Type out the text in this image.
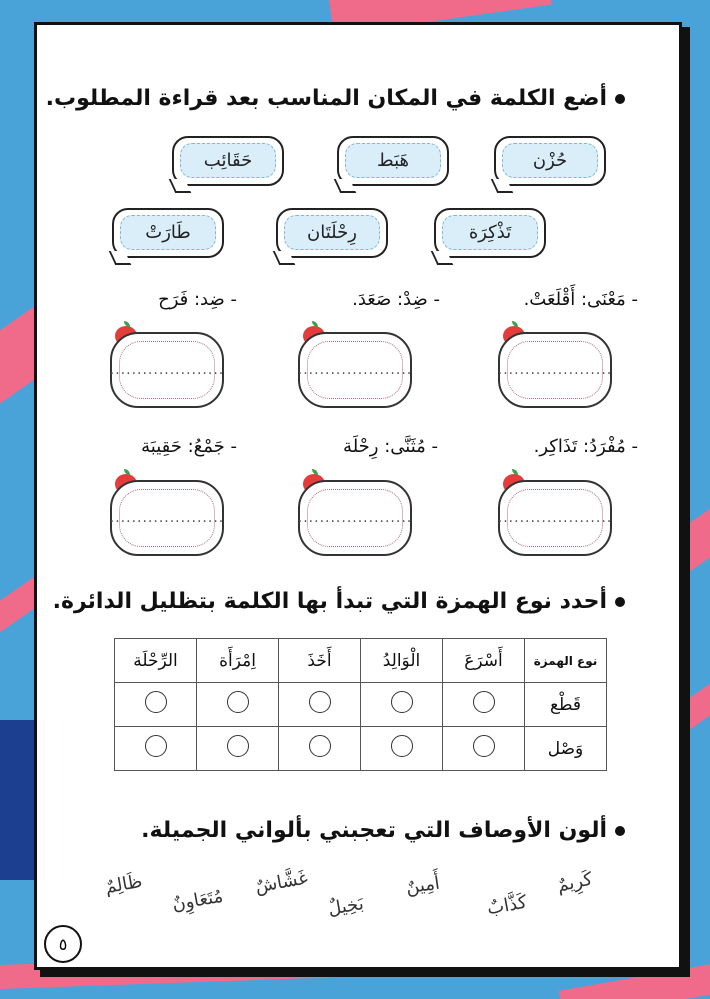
أضع الكلمة في المكان المناسب بعد قراءة المطلوب.
حُزْن
هَبَط
حَقَائِب
تَذْكِرَة
رِحْلَتَان
طَارَتْ
- مَعْنَى: أَقْلَعَتْ.
- ضِدْ: صَعَدَ.
- ضِد: فَرَح
.....................
.....................
.....................
- مُفْرَدُ: تَذَاكِر.
- مُثَنَّى: رِحْلَة
- جَمْعُ: حَقِيبَة
.....................
.....................
.....................
أحدد نوع الهمزة التي تبدأ بها الكلمة بتظليل الدائرة.
نوع الهمزة	أَسْرَعَ	الْوَالِدُ	أَخَذَ	اِمْرَأَة	الرِّحْلَة
قَطْع					
وَصْل					
ألون الأوصاف التي تعجبني بألواني الجميلة.
كَرِيمٌ
كَذَّابٌ
أَمِينٌ
بَخِيلٌ
غَشَّاشٌ
مُتَعَاوِنٌ
ظَالِمٌ
٥
